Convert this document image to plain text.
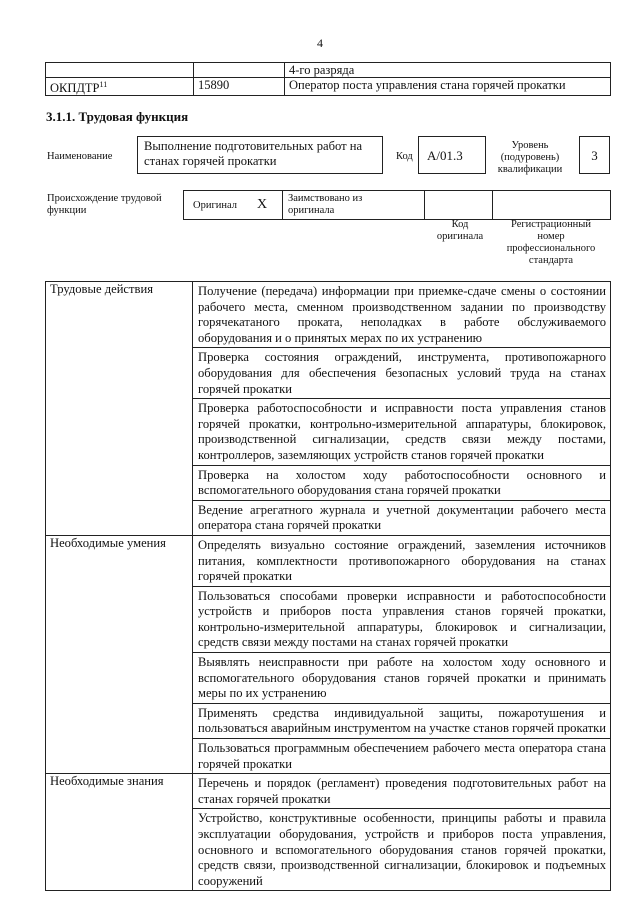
4
		4-го разряда
ОКПДТР$^{11}$	15890	Оператор поста управления стана горячей прокатки
3.1.1. Трудовая функция
Наименование
Выполнение подготовительных работ на станах горячей прокатки	Код	A/01.3
Уровень (подуровень) квалификации
3
Происхождение трудовой функции	Оригинал X Заимствовано из оригинала
Код оригинала
Регистрационный номер профессионального стандарта
Трудовые действия	Получение (передача) информации при приемке-сдаче смены о состоянии рабочего места, сменном производственном задании по производству горячекатаного проката, неполадках в работе обслуживаемого оборудования и о принятых мерах по их устранению
	Проверка состояния ограждений, инструмента, противопожарного оборудования для обеспечения безопасных условий труда на станах горячей прокатки
	Проверка работоспособности и исправности поста управления станов горячей прокатки, контрольно-измерительной аппаратуры, блокировок, производственной сигнализации, средств связи между постами, контроллеров, заземляющих устройств станов горячей прокатки
	Проверка на холостом ходу работоспособности основного и вспомогательного оборудования стана горячей прокатки
	Ведение агрегатного журнала и учетной документации рабочего места оператора стана горячей прокатки
Необходимые умения	Определять визуально состояние ограждений, заземления источников питания, комплектности противопожарного оборудования на станах горячей прокатки
	Пользоваться способами проверки исправности и работоспособности устройств и приборов поста управления станов горячей прокатки, контрольно-измерительной аппаратуры, блокировок и сигнализации, средств связи между постами на станах горячей прокатки
	Выявлять неисправности при работе на холостом ходу основного и вспомогательного оборудования станов горячей прокатки и принимать меры по их устранению
	Применять средства индивидуальной защиты, пожаротушения и пользоваться аварийным инструментом на участке станов горячей прокатки
	Пользоваться программным обеспечением рабочего места оператора стана горячей прокатки
Необходимые знания	Перечень и порядок (регламент) проведения подготовительных работ на станах горячей прокатки
	Устройство, конструктивные особенности, принципы работы и правила эксплуатации оборудования, устройств и приборов поста управления, основного и вспомогательного оборудования станов горячей прокатки, средств связи, производственной сигнализации, блокировок и подъемных сооружений
